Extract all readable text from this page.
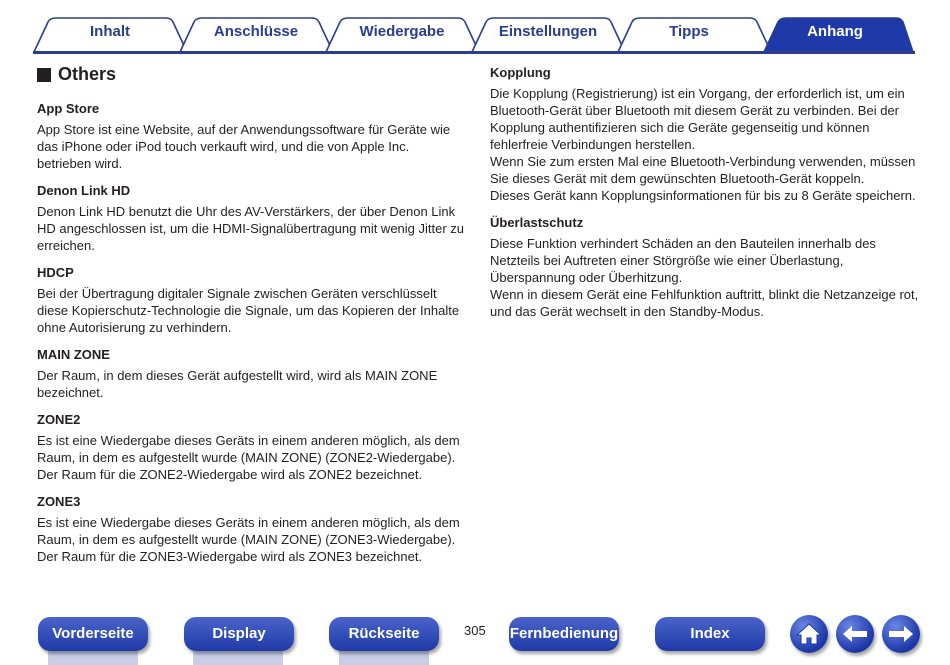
Inhalt	Anschlüsse	Wiedergabe	Einstellungen	Tipps	Anhang
Others
App Store
App Store ist eine Website, auf der Anwendungssoftware für Geräte wie
das iPhone oder iPod touch verkauft wird, und die von Apple Inc.
betrieben wird.
Denon Link HD
Denon Link HD benutzt die Uhr des AV-Verstärkers, der über Denon Link
HD angeschlossen ist, um die HDMI-Signalübertragung mit wenig Jitter zu
erreichen.
HDCP
Bei der Übertragung digitaler Signale zwischen Geräten verschlüsselt
diese Kopierschutz-Technologie die Signale, um das Kopieren der Inhalte
ohne Autorisierung zu verhindern.
MAIN ZONE
Der Raum, in dem dieses Gerät aufgestellt wird, wird als MAIN ZONE
bezeichnet.
ZONE2
Es ist eine Wiedergabe dieses Geräts in einem anderen möglich, als dem
Raum, in dem es aufgestellt wurde (MAIN ZONE) (ZONE2-Wiedergabe).
Der Raum für die ZONE2-Wiedergabe wird als ZONE2 bezeichnet.
ZONE3
Es ist eine Wiedergabe dieses Geräts in einem anderen möglich, als dem
Raum, in dem es aufgestellt wurde (MAIN ZONE) (ZONE3-Wiedergabe).
Der Raum für die ZONE3-Wiedergabe wird als ZONE3 bezeichnet.
Kopplung
Die Kopplung (Registrierung) ist ein Vorgang, der erforderlich ist, um ein
Bluetooth-Gerät über Bluetooth mit diesem Gerät zu verbinden. Bei der
Kopplung authentifizieren sich die Geräte gegenseitig und können
fehlerfreie Verbindungen herstellen.
Wenn Sie zum ersten Mal eine Bluetooth-Verbindung verwenden, müssen
Sie dieses Gerät mit dem gewünschten Bluetooth-Gerät koppeln.
Dieses Gerät kann Kopplungsinformationen für bis zu 8 Geräte speichern.
Überlastschutz
Diese Funktion verhindert Schäden an den Bauteilen innerhalb des
Netzteils bei Auftreten einer Störgröße wie einer Überlastung,
Überspannung oder Überhitzung.
Wenn in diesem Gerät eine Fehlfunktion auftritt, blinkt die Netzanzeige rot,
und das Gerät wechselt in den Standby-Modus.
Vorderseite	Display	Rückseite	305 Fernbedienung	Index
